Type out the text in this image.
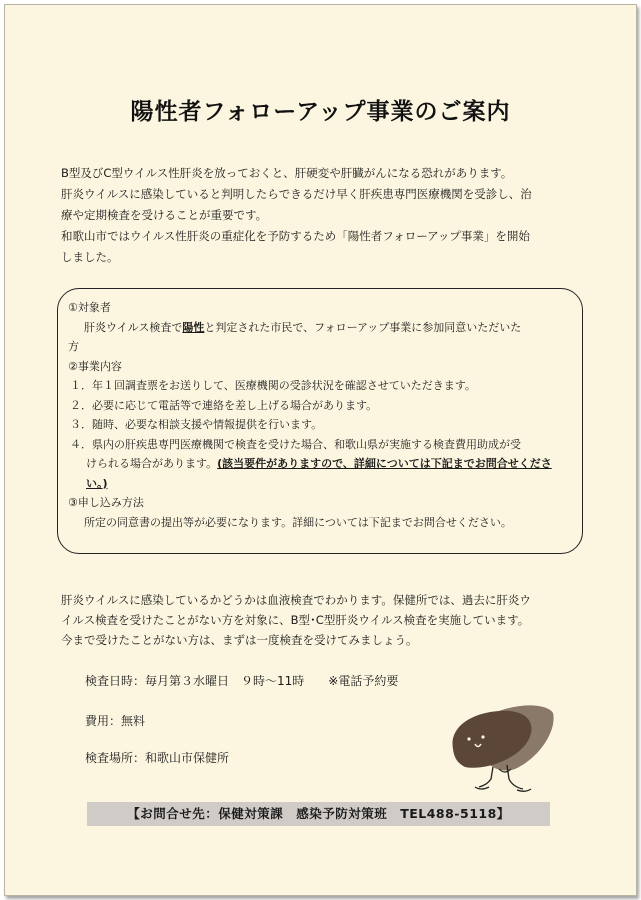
陽性者フォローアップ事業のご案内

B型及びC型ウイルス性肝炎を放っておくと、肝硬変や肝臓がんになる恐れがあります。

肝炎ウイルスに感染していると判明したらできるだけ早く肝疾患専門医療機関を受診し、治

療や定期検査を受けることが重要です。

和歌山市ではウイルス性肝炎の重症化を予防するため「陽性者フォローアップ事業」を開始

しました。

①対象者

肝炎ウイルス検査で陽性と判定された市民で、フォローアップ事業に参加同意いただいた

方

②事業内容

１．年１回調査票をお送りして、医療機関の受診状況を確認させていただきます。

２．必要に応じて電話等で連絡を差し上げる場合があります。

３．随時、必要な相談支援や情報提供を行います。

４．県内の肝疾患専門医療機関で検査を受けた場合、和歌山県が実施する検査費用助成が受

けられる場合があります。(該当要件がありますので、詳細については下記までお問合せくださ

い。)

③申し込み方法

所定の同意書の提出等が必要になります。詳細については下記までお問合せください。

肝炎ウイルスに感染しているかどうかは血液検査でわかります。保健所では、過去に肝炎ウ

イルス検査を受けたことがない方を対象に、B型･C型肝炎ウイルス検査を実施しています。

今まで受けたことがない方は、まずは一度検査を受けてみましょう。

検査日時：毎月第３水曜日　９時～11時　　※電話予約要

費用：無料

検査場所：和歌山市保健所

【お問合せ先：保健対策課　感染予防対策班　TEL488-5118】
